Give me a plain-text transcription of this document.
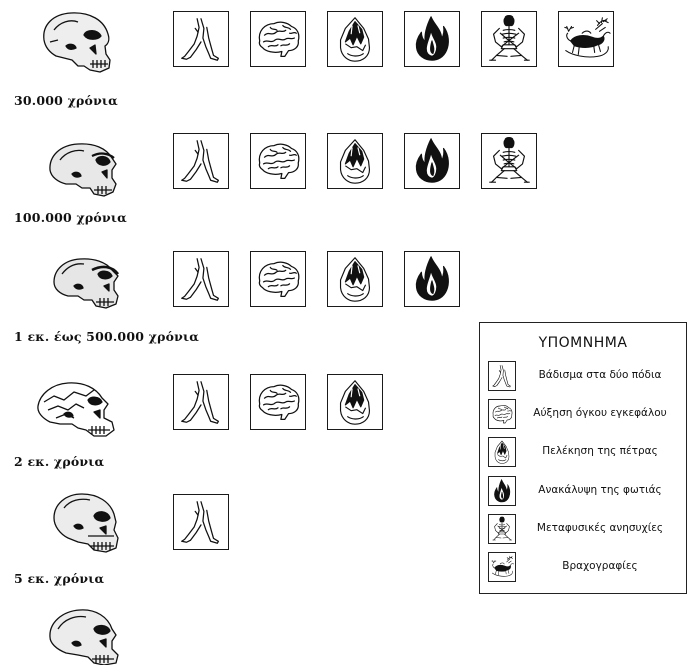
30.000 χρόνια
100.000 χρόνια
1 εκ. έως 500.000 χρόνια
2 εκ. χρόνια
5 εκ. χρόνια
ΥΠΟΜΝΗΜΑ
Βάδισμα στα δύο πόδια
Αύξηση όγκου εγκεφάλου
Πελέκηση της πέτρας
Ανακάλυψη της φωτιάς
Μεταφυσικές ανησυχίες
Βραχογραφίες
